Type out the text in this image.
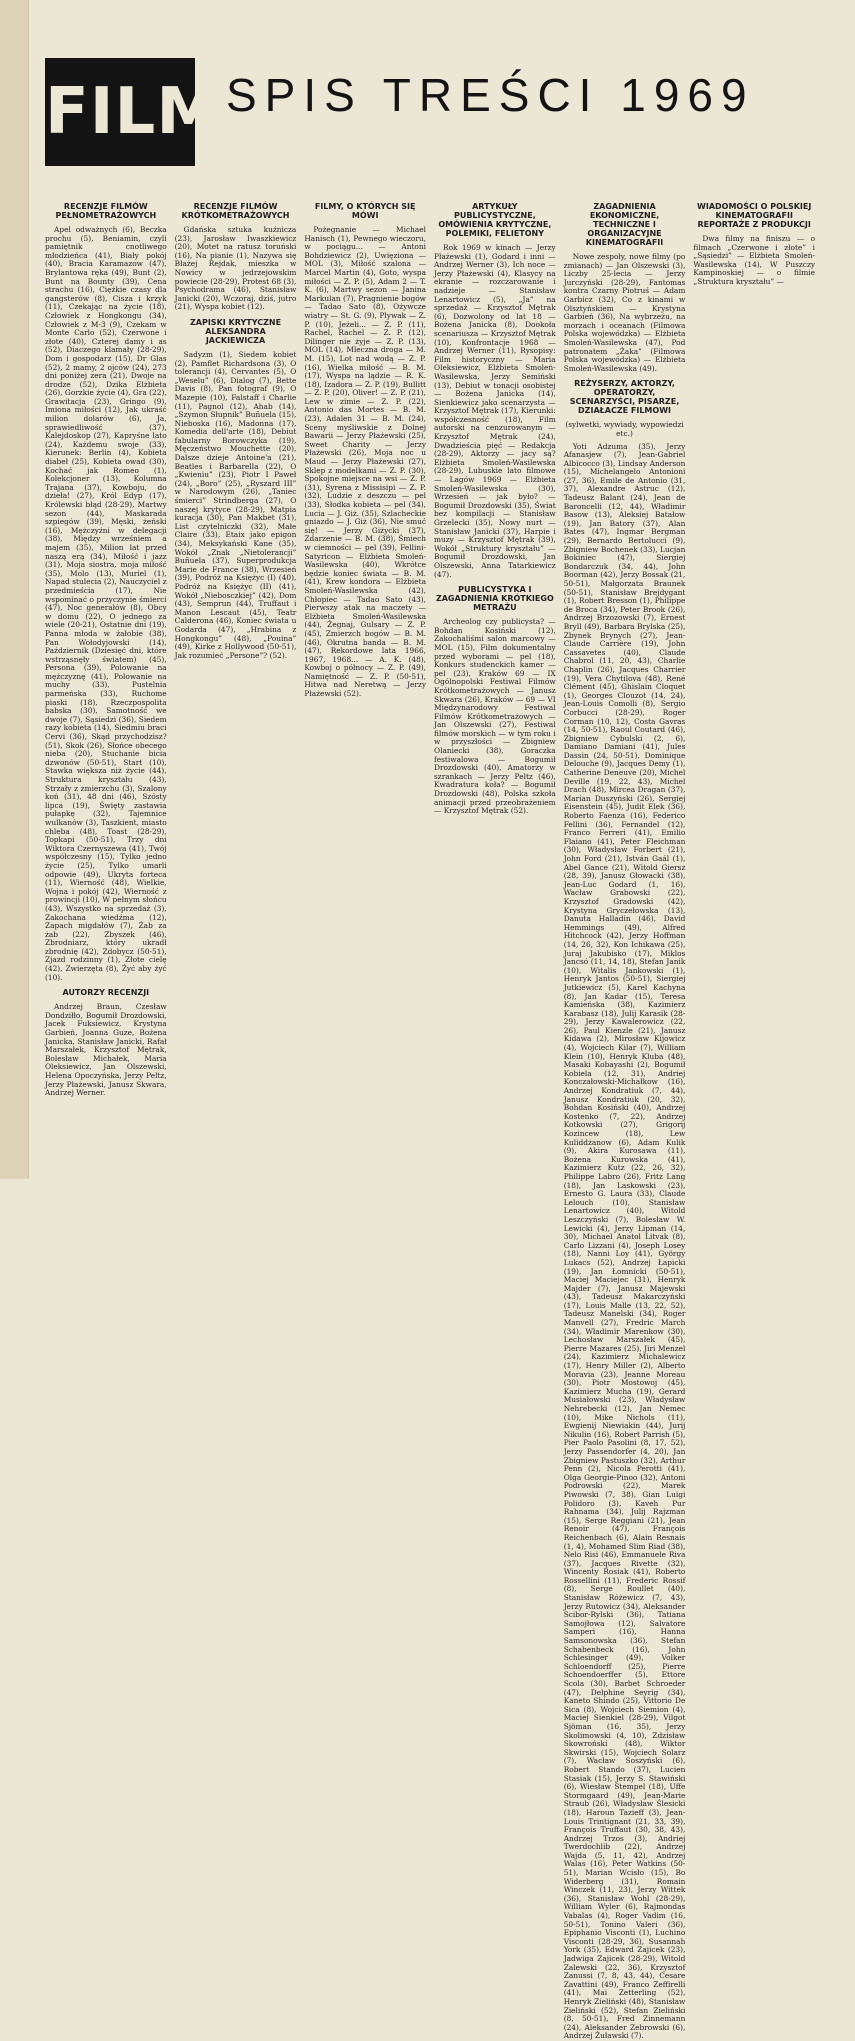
FILM SPIS TREŚCI 1969
RECENZJE FILMÓW PEŁNOMETRAŻOWYCH

Apel odważnych (6), Beczka prochu (5), Beniamin, czyli pamiętnik cnotliwego młodzieńca (41), Biały pokój (40), Bracia Karamazow (47), Brylantowa ręka (49), Bunt (2), Bunt na Bounty (39), Cena strachu (16), Ciężkie czasy dla gangsterów (8), Cisza i krzyk (11), Czekając na życie (18), Człowiek z Hongkongu (34), Człowiek z M-3 (9), Czekam w Monte Carlo (52), Czerwone i złote (40), Czterej damy i as (52), Diaczego klamały (28-29), Dom i gospodarz (15), Dr Glas (52), 2 mamy, 2 ojców (24), 273 dni poniżej zera (21), Dwoje na drodze (52), Dzika Elżbieta (26), Gorzkie życie (4), Gra (22), Grawitacja (23), Gringo (9), Imiona miłości (12), Jak ukraść milion dolarów (6), Ja, sprawiedliwość (37), Kalejdoskop (27), Kapryśne lato (24), Każdemu swoje (33), Kierunek: Berlin (4), Kobieta diabeł (25), Kobieta owad (30), Kochać jak Romeo (1), Kolekcjoner (13), Kolumna Trajana (37), Kowboju, do dzieła! (27), Król Edyp (17), Królewski błąd (28-29), Martwy sezon (44), Maskarada szpiegów (39), Męski, żeński (16), Mężczyźni w delegacji (38), Między wrześniem a majem (35), Milion lat przed naszą erą (34), Miłość i jazz (31), Moja siostra, moja miłość (35), Molo (13), Muriel (1), Napad stulecia (2), Nauczyciel z przedmieścia (17), Nie wspominać o przyczynie śmierci (47), Noc generałów (8), Obcy w domu (22), O jednego za wiele (20-21), Ostatnie dni (19), Panna młoda w żałobie (38), Pan Wołodyjowski (14), Październik (Dziesięć dni, które wstrząsnęły światem) (45), Persona (39), Polowanie na mężczyznę (41), Polowanie na muchy (33), Pustelnia parmeńska (33), Ruchome piaski (18), Rzeczpospolita babska (30), Samotność we dwoje (7), Sąsiedzi (36), Siedem razy kobieta (14), Siedmiu braci Cervi (36), Skąd przychodzisz? (51), Skok (26), Słońce obecego nieba (20), Stuchanie bicia dzwonów (50-51), Start (10), Stawka większa niż życie (44), Struktura kryształu (43), Strzały z zmierzchu (3), Szalony koń (31), 48 dni (46), Szósty lipca (19), Święty zastawia pułapkę (32), Tajemnice wulkanów (3), Taszkient, miasto chleba (48), Toast (28-29), Topkapi (50-51), Trzy dni Wiktora Czernyszewa (41), Twój współczesny (15), Tylko jedno życie (25), Tylko umarli odpowie (49), Ukryta forteca (11), Wierność (48), Wielkie, Wojna i pokój (42), Wierność z prowincji (10), W pełnym słońcu (43), Wszystko na sprzedaż (3), Zakochana wiedźma (12), Zapach migdałów (7), Żab za żab (22), Zbyszek (46), Zbrodniarz, który ukradł zbrodnię (42), Zdobycz (50-51), Zjazd rodzinny (1), Złote cielę (42), Zwierzęta (8), Żyć aby żyć (10).

AUTORZY RECENZJI

Andrzej Braun, Czesław Dondziłło, Bogumił Drozdowski, Jacek Fuksiewicz, Krystyna Garbień, Joanna Guze, Bożena Janicka, Stanisław Janicki, Rafał Marszałek, Krzysztof Mętrak, Bolesław Michałek, Maria Oleksiewicz, Jan Olszewski, Helena Opoczyńska, Jerzy Peltz, Jerzy Płażewski, Janusz Skwara, Andrzej Werner.

RECENZJE FILMÓW KRÓTKOMETRAŻOWYCH

Gdańska sztuka kuźnicza (23), Jarosław Iwaszkiewicz (20), Motet na ratusz toruński (16), Na pianie (1), Nazywa się Błażej Rejdak, mieszka w Nowicy w jedrzejowskim powiecie (28-29), Protest 68 (3), Psychodrama (46), Stanisław Janicki (20), Wczoraj, dziś, jutro (21), Wyspa kobiet (12).

ZAPISKI KRYTYCZNE ALEKSANDRA JACKIEWICZA

Sadyzm (1), Siedem kobiet (2), Pamflet Richardsona (3), O tolerancji (4), Cervantes (5), O „Weselu” (6), Dialog (7), Bette Davis (8), Pan fotograf (9), O Mazepie (10), Falstaff i Charlie (11), Pagnol (12), Ahab (14), „Szymon Słupnik” Buñuela (15), Nieboska (16), Madonna (17), Komedia dell'arte (18), Debiut fabularny Borowczyka (19), Męczeństwo Mouchette (20), Dalsze dzieje Antoine'a (21), Beatles i Barbarella (22), O „Kwieniu” (23), Piotr I Paweł (24), „Boro” (25), „Ryszard III” w Narodowym (26), „Taniec śmierci” Strindberga (27), O naszej krytyce (28-29), Matpia kuracja (30), Pan Makbet (31), List czytelniczki (32), Małe Claire (33), Etaix jako epigon (34), Meksykański Kane (35), Wokół „Znak „Nietolerancji” Buñuela (37), Superprodukcja Marie de France (38), Wrzesień (39), Podróż na Księżyc (I) (40), Podróż na Księżyc (II) (41), Wokół „Niebosczkiej” (42), Dom (43), Semprun (44), Truffaut i Manon Lescaut (45), Teatr Calderona (46), Koniec świata u Godarda (47), „Hrabina z Hongkongu” (48), „Pouina” (49), Kirke z Hollywood (50-51), Jak rozumieć „Persone”? (52).

FILMY, O KTÓRYCH SIĘ MÓWI

Pożegnanie — Michael Hanisch (1), Pewnego wieczoru, w pociągu... — Antoni Bohdziewicz (2), Uwięziona — MOL (3), Miłość szalona — Marcel Martin (4), Goto, wyspa miłości — Z. P. (5), Adam 2 — T. K. (6), Martwy sezon — Janina Markulan (7), Pragnienie bogów — Tadao Sato (8), Ożywcze wiatry — St. G. (9), Plywak — Z. P. (10), Jeżeli... — Z. P. (11), Rachel, Rachel — Z. P. (12), Dilinger nie żyje — Z. P. (13), MOL (14), Mleczna droga — M. M. (15), Lot nad wodą — Z. P. (16), Wielka miłość — B. M. (17), Wyspa na lądzie — R. K. (18), Izadora — Z. P. (19), Bullitt — Z. P. (20), Oliver! — Z. P. (21), Lew w zimie — Z. P. (22), Antonio das Mortes — B. M. (23), Adalen 31 — B. M. (24), Sceny myśliwskie z Dolnej Bawarii — Jerzy Płażewski (25), Sweet Charity — Jerzy Płażewski (26), Moja noc u Maud — Jerzy Płażewski (27), Sklep z modelkami — Z. P. (30), Spokojne miejsce na wsi — Z. P. (31), Syrena z Missisipi — Z. P. (32), Ludzie z deszczu — pel (33), Słodka kobieta — pel (34), Lucia — J. Giż. (35), Szlacheckie gniazdo — J. Giż (36), Nie smuć się! — Jerzy Giżycki (37), Zdarzenie — B. M. (38), Śmiech w ciemności — pel (39), Fellini-Satyricon — Elżbieta Smoleń-Wasilewska (40), Wkrótce będzie koniec świata — B. M. (41), Krew kondora — Elżbieta Smoleń-Wasilewska (42), Chłopiec — Tadao Sato (43), Pierwszy atak na maczety — Elżbieta Smoleń-Wasilewska (44), Żegnaj, Gulsary — Z. P. (45), Zmierzch bogów — B. M. (46), Okrutna banda — B. M. (47), Rekordowe lata 1966, 1967, 1968... — A. K. (48), Kowboj o północy — Z. P. (49), Namiętność — Z. P. (50-51), Hitwa nad Neretwą — Jerzy Płażewski (52).

ARTYKUŁY PUBLICYSTYCZNE, OMÓWIENIA KRYTYCZNE, POLEMIKI, FELIETONY

Rok 1969 w kinach — Jerzy Płażewski (1), Godard i inni — Andrzej Werner (3), Ich noce — Jerzy Płażewski (4), Klasycy na ekranie — rozczarowanie i nadzieje — Stanisław Lenartowicz (5), „Ja” na sprzedaż — Krzysztof Mętrak (6), Dozwolony od lat 18 — Bożena Janicka (8), Dookoła scenariusza — Krzysztof Mętrak (10), Konfrontacje 1968 — Andrzej Werner (11), Rysopisy: Film historyczny — Maria Oleksiewicz, Elżbieta Smoleń-Wasilewska, Jerzy Semiński (13), Debiut w tonacji osobistej — Bożena Janicka (14), Sienkiewicz jako scenarzysta — Krzysztof Mętrak (17), Kierunki: współczesność (18), Film autorski na cenzurowanym — Krzysztof Mętrak (24), Dwadzieścia pięć — Redakcja (28-29), Aktorzy — jacy są? Elżbieta Smoleń-Wasilewska (28-29), Lubuskie lato filmowe — Lagów 1969 — Elżbieta Smoleń-Wasilewska (30), Wrzesień — jak było? — Bogumił Drozdowski (35), Świat bez kompilacji — Stanisław Grzelecki (35), Nowy nurt — Stanisław Janicki (37), Harpie i muzy — Krzysztof Mętrak (39), Wokół „Struktury kryształu” — Bogumił Drozdowski, Jan Olszewski, Anna Tatarkiewicz (47).

PUBLICYSTYKA I ZAGADNIENIA KRÓTKIEGO METRAŻU

Archeolog czy publicysta? — Bohdan Kosiński (12), Zakochaliśmi salon marcowy — MOL (15), Film dokumentalny przed wyborami — pel (18), Konkurs studenckich kamer — pel (23), Kraków 69 — IX Ogólnopolski Festiwal Filmów Krótkometrażowych — Janusz Skwara (26), Kraków — 69 — VI Międzynarodowy Festiwal Filmów Krótkometrażowych — Jan Olszewski (27), Festiwal filmów morskich — w tym roku i w przyszłości — Zbigniew Olaniecki (38), Goraczka festiwalowa — Bogumił Drozdowski (40), Amatorzy w szrankach — Jerzy Peltz (46), Kwadratura koła? — Bogumił Drozdowski (48), Polska szkoła animacji przed przeobrażeniem — Krzysztof Mętrak (52).

ZAGADNIENIA EKONOMICZNE, TECHNICZNE I ORGANIZACYJNE KINEMATOGRAFII

Nowe zespoły, nowe filmy (po zmianach) — Jan Olszewski (3), Liczby 25-lecia — Jerzy Jurczyński (28-29), Fantomas kontra Czarny Piotruś — Adam Garbicz (32), Co z kinami w Olsztyńskiem — Krystyna Garbień (36), Na wybrzeżu, na morzach i oceanach (Filmowa Polska wojewódzka) — Elżbieta Smoleń-Wasilewska (47), Pod patronatem „Żaka” (Filmowa Polska wojewódzka) — Elżbieta Smoleń-Wasilewska (49).

REŻYSERZY, AKTORZY, OPERATORZY, SCENARZYŚCI, PISARZE, DZIAŁACZE FILMOWI
(sylwetki, wywiady, wypowiedzi etc.)

Yoti Adzuma (35), Jerzy Afanasjew (7), Jean-Gabriel Albicocco (3), Lindsay Anderson (15), Michelangelo Antonioni (27, 36), Emile de Antonio (31, 37), Alexandre Astruc (12), Tadeusz Balant (24), Jean de Baroncelli (12, 44), Władimir Basow (13), Aleksiej Batałow (19), Jan Batory (37), Alan Bates (47), Ingmar Bergman (29), Bernardo Bertolucci (9), Zbigniew Bochenek (33), Lucjan Bokiniec (47), Siergiej Bondarczuk (34, 44), John Boorman (42), Jerzy Bossak (21, 50-51), Małgorzata Braunek (50-51), Stanisław Brejdygant (1), Robert Bresson (1), Philippe de Broca (34), Peter Brook (26), Andrzej Brzozowski (7), Ernest Bryll (49), Barbara Brylska (25), Zbynek Brynych (27), Jean-Claude Carrière (19), John Cassavetes (40), Claude Chabrol (11, 20, 43), Charlie Chaplin (26), Jacques Charrier (19), Vera Chytilova (48), René Clément (45), Ghislain Cloquet (1), Georges Clouzot (14, 24), Jean-Louis Comolli (8), Sergio Corbucci (28-29), Roger Corman (10, 12), Costa Gavras (14, 50-51), Raoul Coutard (46), Zbigniew Cybulski (2, 6), Damiano Damiani (41), Jules Dassin (24, 50-51), Dominique Delouche (9), Jacques Demy (1), Catherine Deneuve (20), Michel Deville (19, 22, 43), Michel Drach (48), Mircea Dragan (37), Marian Duszyński (26), Sergiej Eisenstein (45), Judit Elek (36), Roberto Faenza (16), Federico Fellini (36), Fernandel (12), Franco Ferreri (41), Emilio Flaiano (41), Peter Fleichman (30), Władysław Forbert (21), John Ford (21), István Gaál (1), Abel Gance (21), Witold Giersz (28, 39), Janusz Głowacki (38), Jean-Luc Godard (1, 16), Wacław Grabowski (22), Krzysztof Gradowski (42), Krystyna Gryczełowska (13), Danuta Halladin (46), David Hemmings (49), Alfred Hitchcock (42), Jerzy Hoffman (14, 26, 32), Kon Ichikawa (25), Juraj Jakubisko (17), Miklos Jancsó (11, 14, 18), Stefan Janik (10), Witalis Jankowski (1), Henryk Jantos (50-51), Siergiej Jutkiewicz (5), Karel Kachyna (8), Jan Kadar (15), Teresa Kamieńska (38), Kazimierz Karabasz (18), Julij Karasik (28-29), Jerzy Kawalerowicz (22, 26), Paul Kienzle (21), Janusz Kidawa (2), Mirosław Kijowicz (4), Wojciech Kilar (7), William Klein (10), Henryk Kluba (48), Masaki Kobayashi (2), Bogumił Kobiela (12, 31), Andriej Konczałowski-Michałkow (16), Andrzej Kondratiuk (7, 44), Janusz Kondratiuk (20, 32), Bohdan Kosiński (40), Andrzej Kostenko (7, 22), Andrzej Kotkowski (27), Grigorij Kozincew (18), Lew Kuliddżanow (6), Adam Kulik (9), Akira Kurosawa (11), Bożena Kurowska (41), Kazimierz Kutz (22, 26, 32), Philippe Labro (26), Fritz Lang (18), Jan Laskowski (23), Ernesto G. Laura (33), Claude Lelouch (10), Stanisław Lenartowicz (40), Witold Leszczyński (7), Bolesław W. Lewicki (4), Jerzy Lipman (14, 30), Michael Anatol Litvak (8), Carlo Lizzani (4), Joseph Losey (18), Nanni Loy (41), György Lukacs (52), Andrzej Łapicki (19), Jan Łomnicki (50-51), Maciej Maciejec (31), Henryk Majder (7), Janusz Majewski (43), Tadeusz Makarczyński (17), Louis Malle (13, 22, 52), Tadeusz Manelski (34), Roger Manvell (27), Fredric March (34), Władimir Marenkow (30), Lechosław Marszałek (45), Pierre Mazares (25), Jiri Menzel (24), Kazimierz Michalewicz (17), Henry Miller (2), Alberto Moravia (23), Jeanne Moreau (30), Piotr Mostowoj (45), Kazimierz Mucha (19), Gerard Musiałowski (23), Władysław Nehrebecki (12), Jan Nemec (10), Mike Nichols (11), Ewgienij Niewiakin (44), Jurij Nikulin (16), Robert Parrish (5), Pier Paolo Pasolini (8, 17, 52), Jerzy Passendorfer (4, 20), Jan Zbigniew Pastuszko (32), Arthur Penn (2), Nicola Perotti (41), Olga Georgie-Pinoo (32), Antoni Podrowski (22), Marek Piwowski (7, 38), Gian Luigi Polidoro (3), Kaveh Pur Rahnama (34), Julij Rajzman (15), Serge Reggiani (21), Jean Renoir (47), François Reichenbach (6), Alain Resnais (1, 4), Mohamed Slim Riad (38), Nelo Risi (46), Emmanuele Riva (37), Jacques Rivette (32), Wincenty Rosiak (41), Roberto Rossellini (11), Frederic Rossif (8), Serge Roullet (40), Stanisław Różewicz (7, 43), Jerzy Rutowicz (34), Aleksander Scibor-Rylski (36), Tatiana Samojłowa (12), Salvatore Samperi (16), Hanna Samsonowska (36), Stefan Schabenbeck (16), John Schlesinger (49), Volker Schloendorff (25), Pierre Schoendoerffer (5), Ettore Scola (30), Barbet Schroeder (47), Delphine Seyrig (34), Kaneto Shindo (25), Vittorio De Sica (8), Wojciech Siemion (4), Maciej Sienkiel (28-29), Vilgot Sjöman (16, 35), Jerzy Skolimowski (4, 10), Zdzisław Skowroński (48), Wiktor Skwirski (15), Wojciech Solarz (7), Wacław Soszyński (6), Robert Stando (37), Lucien Stasiak (15), Jerzy S. Stawiński (6), Wiesław Stempel (18), Uffe Stormgaard (49), Jean-Marie Straub (26), Władysław Ślesicki (18), Haroun Tazieff (3), Jean-Louis Trintignant (21, 33, 39), François Truffaut (30, 38, 43), Andrzej Trzos (3), Andriej Twerdochlib (22), Andrzej Wajda (5, 11, 42), Andrzej Walas (16), Peter Watkins (50-51), Marian Wcisło (15), Bo Widerberg (31), Romain Winczek (11, 23), Jerzy Wittek (36), Stanisław Wohl (28-29), William Wyler (6), Rajmondas Vabalas (4), Roger Vadim (16, 50-51), Tonino Valeri (36), Epiphanio Visconti (1), Luchino Visconti (28-29, 36), Susannah York (35), Edward Zajicek (23), Jadwiga Zajicek (28-29), Witold Zalewski (22, 36), Krzysztof Zanussi (7, 8, 43, 44), Cesare Zavattini (49), Franco Zeffirelli (41), Mai Zetterling (52), Henryk Zieliński (48), Stanisław Zieliński (52), Stefan Zieliński (8, 50-51), Fred Zinnemann (24), Aleksander Zebrowski (6), Andrzej Żuławski (7).

WIADOMOŚCI O POLSKIEJ KINEMATOGRAFII REPORTAŻE Z PRODUKCJI

Dwa filmy na finiszu — o filmach „Czerwone i złote” i „Sąsiedzi” — Elżbieta Smoleń-Wasilewska (14), W Puszczy Kampinoskiej — o filmie „Struktura kryształu” —
